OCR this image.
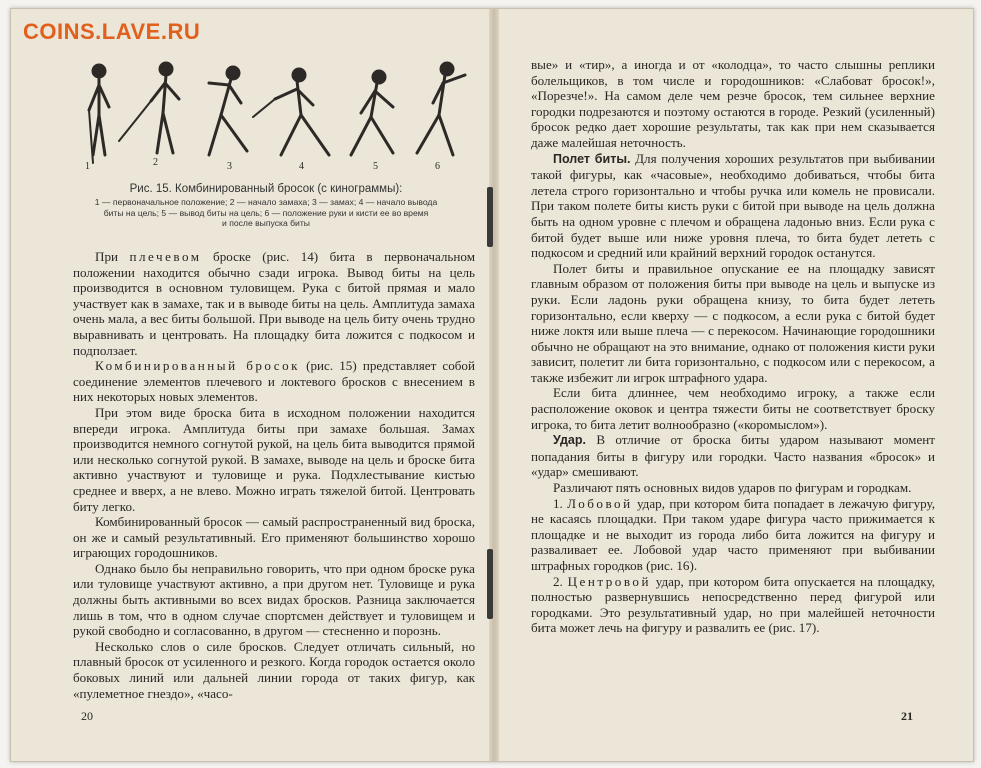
COINS.LAVE.RU
1	2	3	4	5	6
Рис. 15. Комбинированный бросок (с кинограммы):
1 — первоначальное положение; 2 — начало замаха; 3 — замах; 4 — начало вывода
биты на цель; 5 — вывод биты на цель; 6 — положение руки и кисти ее во время
и после выпуска биты

При плечевом броске (рис. 14) бита в первоначальном положении находится обычно сзади игрока. Вывод биты на цель производится в основном туловищем. Рука с битой прямая и мало участвует как в замахе, так и в выводе биты на цель. Амплитуда замаха очень мала, а вес биты большой. При выводе на цель биту очень трудно выравнивать и центровать. На площадку бита ложится с подкосом и подползает.

Комбинированный бросок (рис. 15) представляет собой соединение элементов плечевого и локтевого бросков с внесением в них некоторых новых элементов.

При этом виде броска бита в исходном положении находится впереди игрока. Амплитуда биты при замахе большая. Замах производится немного согнутой рукой, на цель бита выводится прямой или несколько согнутой рукой. В замахе, выводе на цель и броске бита активно участвуют и туловище и рука. Подхлестывание кистью среднее и вверх, а не влево. Можно играть тяжелой битой. Центровать биту легко.

Комбинированный бросок — самый распространенный вид броска, он же и самый результативный. Его применяют большинство хорошо играющих городошников.

Однако было бы неправильно говорить, что при одном броске рука или туловище участвуют активно, а при другом нет. Туловище и рука должны быть активными во всех видах бросков. Разница заключается лишь в том, что в одном случае спортсмен действует и туловищем и рукой свободно и согласованно, в другом — стесненно и порознь.

Несколько слов о силе бросков. Следует отличать сильный, но плавный бросок от усиленного и резкого. Когда городок остается около боковых линий или дальней линии города от таких фигур, как «пулеметное гнездо», «часо-

20

вые» и «тир», а иногда и от «колодца», то часто слышны реплики болельщиков, в том числе и городошников: «Слабоват бросок!», «Порезче!». На самом деле чем резче бросок, тем сильнее верхние городки подрезаются и поэтому остаются в городе. Резкий (усиленный) бросок редко дает хорошие результаты, так как при нем сказывается даже малейшая неточность.

Полет биты. Для получения хороших результатов при выбивании такой фигуры, как «часовые», необходимо добиваться, чтобы бита летела строго горизонтально и чтобы ручка или комель не провисали. При таком полете биты кисть руки с битой при выводе на цель должна быть на одном уровне с плечом и обращена ладонью вниз. Если рука с битой будет выше или ниже уровня плеча, то бита будет лететь с подкосом и средний или крайний верхний городок останутся.

Полет биты и правильное опускание ее на площадку зависят главным образом от положения биты при выводе на цель и выпуске из руки. Если ладонь руки обращена книзу, то бита будет лететь горизонтально, если кверху — с подкосом, а если рука с битой будет ниже локтя или выше плеча — с перекосом. Начинающие городошники обычно не обращают на это внимание, однако от положения кисти руки зависит, полетит ли бита горизонтально, с подкосом или с перекосом, а также избежит ли игрок штрафного удара.

Если бита длиннее, чем необходимо игроку, а также если расположение оковок и центра тяжести биты не соответствует броску игрока, то бита летит волнообразно («коромыслом»).

Удар. В отличие от броска биты ударом называют момент попадания биты в фигуру или городки. Часто названия «бросок» и «удар» смешивают.

Различают пять основных видов ударов по фигурам и городкам.

1. Лобовой удар, при котором бита попадает в лежачую фигуру, не касаясь площадки. При таком ударе фигура часто прижимается к площадке и не выходит из города либо бита ложится на фигуру и разваливает ее. Лобовой удар часто применяют при выбивании штрафных городков (рис. 16).

2. Центровой удар, при котором бита опускается на площадку, полностью развернувшись непосредственно перед фигурой или городками. Это результативный удар, но при малейшей неточности бита может лечь на фигуру и развалить ее (рис. 17).

21
